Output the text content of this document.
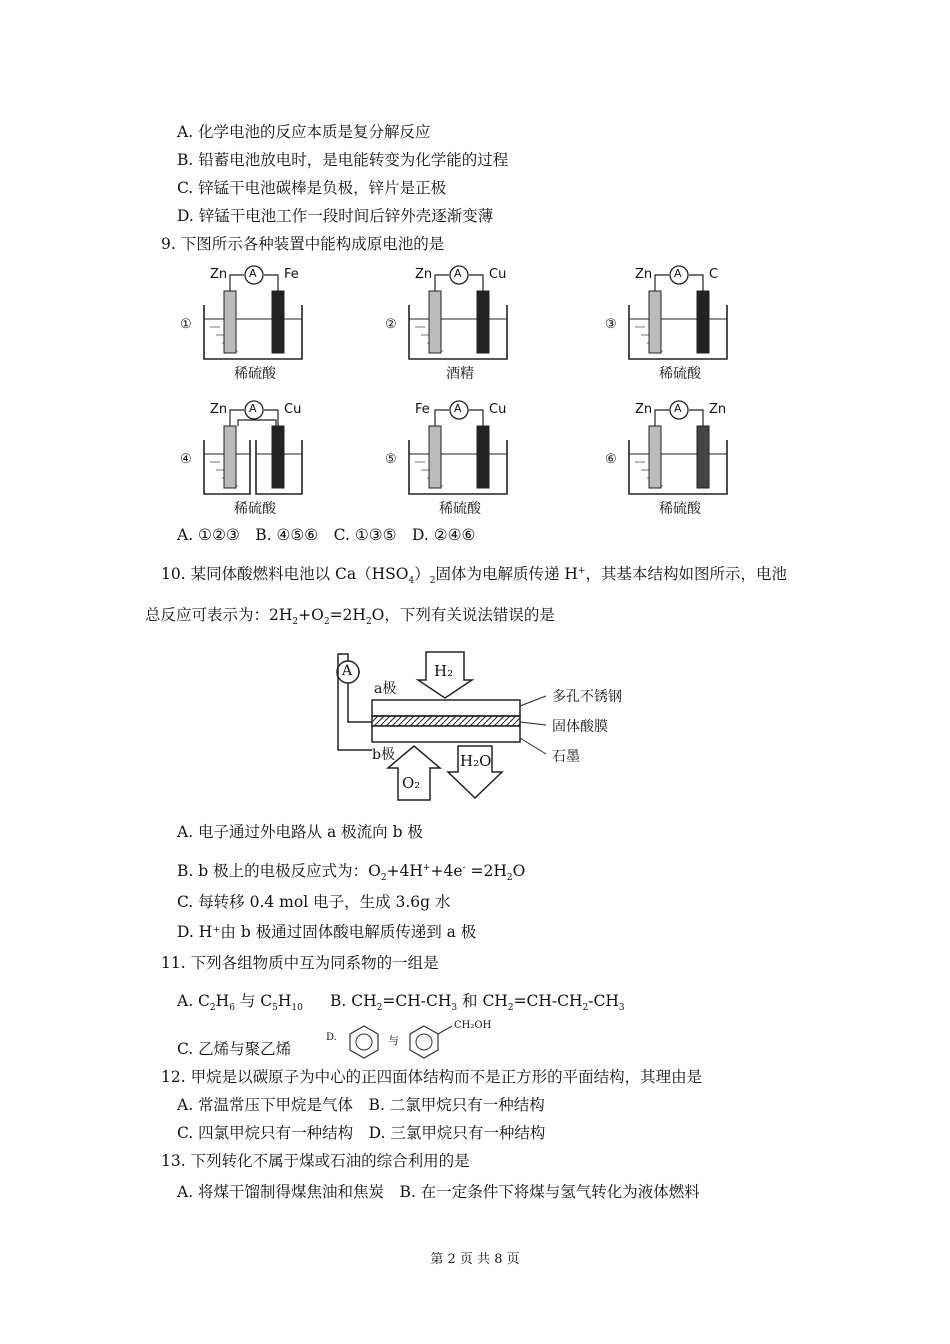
A. 化学电池的反应本质是复分解反应
B. 铅蓄电池放电时，是电能转变为化学能的过程
C. 锌锰干电池碳棒是负极，锌片是正极
D. 锌锰干电池工作一段时间后锌外壳逐渐变薄
9. 下图所示各种装置中能构成原电池的是
A
Zn	Fe
①
稀硫酸
A
Zn	Cu
②
酒精
A
Zn	C
③
稀硫酸
A
Zn	Cu
④
稀硫酸
A
Fe	Cu
⑤
稀硫酸
A
Zn	Zn
⑥
稀硫酸
A. ①②③　B. ④⑤⑥　C. ①③⑤　D. ②④⑥
10. 某同体酸燃料电池以 $Ca(HSO_4)_2$固体为电解质传递 H+，其基本结构如图所示，电池
总反应可表示为：$2H_2+O_2=2H_2O$，下列有关说法错误的是
A
a极
b极
H₂
O₂
H₂O
多孔不锈钢
固体酸膜
石墨
A. 电子通过外电路从 a 极流向 b 极
B. b 极上的电极反应式为：$O_2+4H^++4e^- =2H_2O$
C. 每转移 0.4 mol 电子，生成 3.6g 水
D. H⁺由 b 极通过固体酸电解质传递到 a 极
11. 下列各组物质中互为同系物的一组是
A. $C_2H_6$ 与 $C_5H_{10}$ B. $CH_2=CH-CH_3$ 和 $CH_2=CH-CH_2-CH_3$
C. 乙烯与聚乙烯
D.	与
CH₂OH
12. 甲烷是以碳原子为中心的正四面体结构而不是正方形的平面结构，其理由是
A. 常温常压下甲烷是气体　B. 二氯甲烷只有一种结构
C. 四氯甲烷只有一种结构　D. 三氯甲烷只有一种结构
13. 下列转化不属于煤或石油的综合利用的是
A. 将煤干馏制得煤焦油和焦炭　B. 在一定条件下将煤与氢气转化为液体燃料
第 2 页 共 8 页
